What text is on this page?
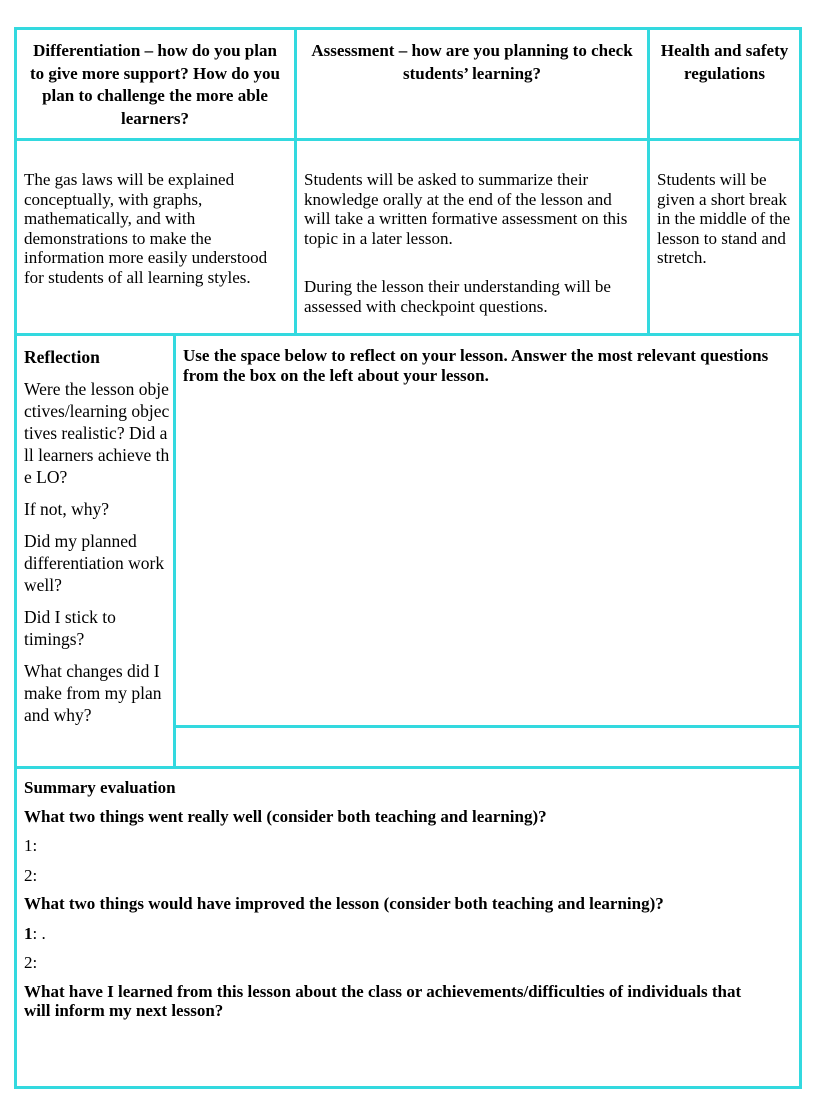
Differentiation – how do you plan to give more support? How do you plan to challenge the more able learners?
Assessment – how are you planning to check students’ learning?
Health and safety regulations
The gas laws will be explained conceptually, with graphs, mathematically, and with demonstrations to make the information more easily understood for students of all learning styles.
Students will be asked to summarize their knowledge orally at the end of the lesson and will take a written formative assessment on this topic in a later lesson.
During the lesson their understanding will be assessed with checkpoint questions.
Students will be given a short break in the middle of the lesson to stand and stretch.

Reflection

Were the lesson objectives/learning objectives realistic? Did all learners achieve the LO?

If not, why?

Did my planned differentiation work well?

Did I stick to timings?

What changes did I make from my plan and why?

Use the space below to reflect on your lesson. Answer the most relevant questions from the box on the left about your lesson.
Summary evaluation
What two things went really well (consider both teaching and learning)?
1:
2:
What two things would have improved the lesson (consider both teaching and learning)?
1: .
2:
What have I learned from this lesson about the class or achievements/difficulties of individuals that will inform my next lesson?
